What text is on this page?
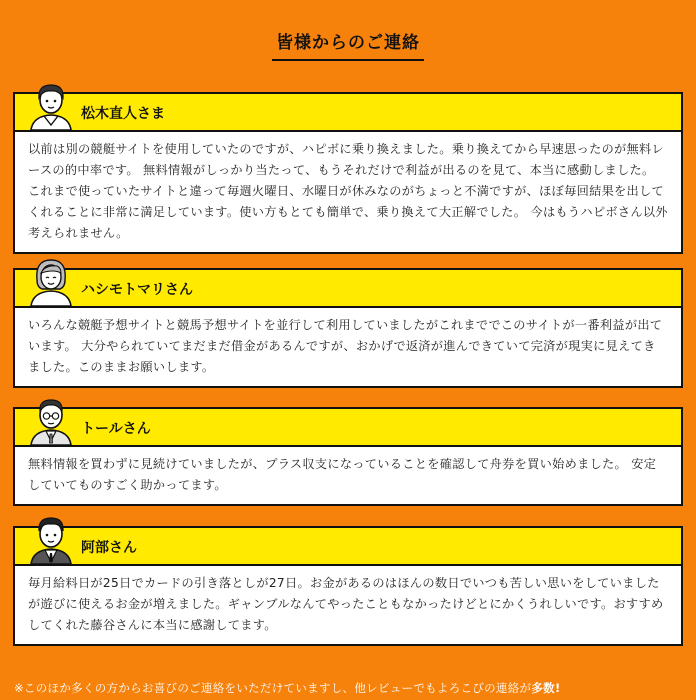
皆様からのご連絡
松木直人さま
以前は別の競艇サイトを使用していたのですが、ハピボに乗り換えました。乗り換えてから早速思ったのが無料レースの的中率です。 無料情報がしっかり当たって、もうそれだけで利益が出るのを見て、本当に感動しました。 これまで使っていたサイトと違って毎週火曜日、水曜日が休みなのがちょっと不満ですが、ほぼ毎回結果を出してくれることに非常に満足しています。使い方もとても簡単で、乗り換えて大正解でした。 今はもうハピボさん以外考えられません。
ハシモトマリさん
いろんな競艇予想サイトと競馬予想サイトを並行して利用していましたがこれまででこのサイトが一番利益が出ています。 大分やられていてまだまだ借金があるんですが、おかげで返済が進んできていて完済が現実に見えてきました。このままお願いします。
トールさん
無料情報を買わずに見続けていましたが、プラス収支になっていることを確認して舟券を買い始めました。 安定していてものすごく助かってます。
阿部さん
毎月給料日が25日でカードの引き落としが27日。お金があるのはほんの数日でいつも苦しい思いをしていましたが遊びに使えるお金が増えました。ギャンブルなんてやったこともなかったけどとにかくうれしいです。おすすめしてくれた藤谷さんに本当に感謝してます。

※このほか多くの方からお喜びのご連絡をいただけていますし、他レビューでもよろこびの連絡が多数!
